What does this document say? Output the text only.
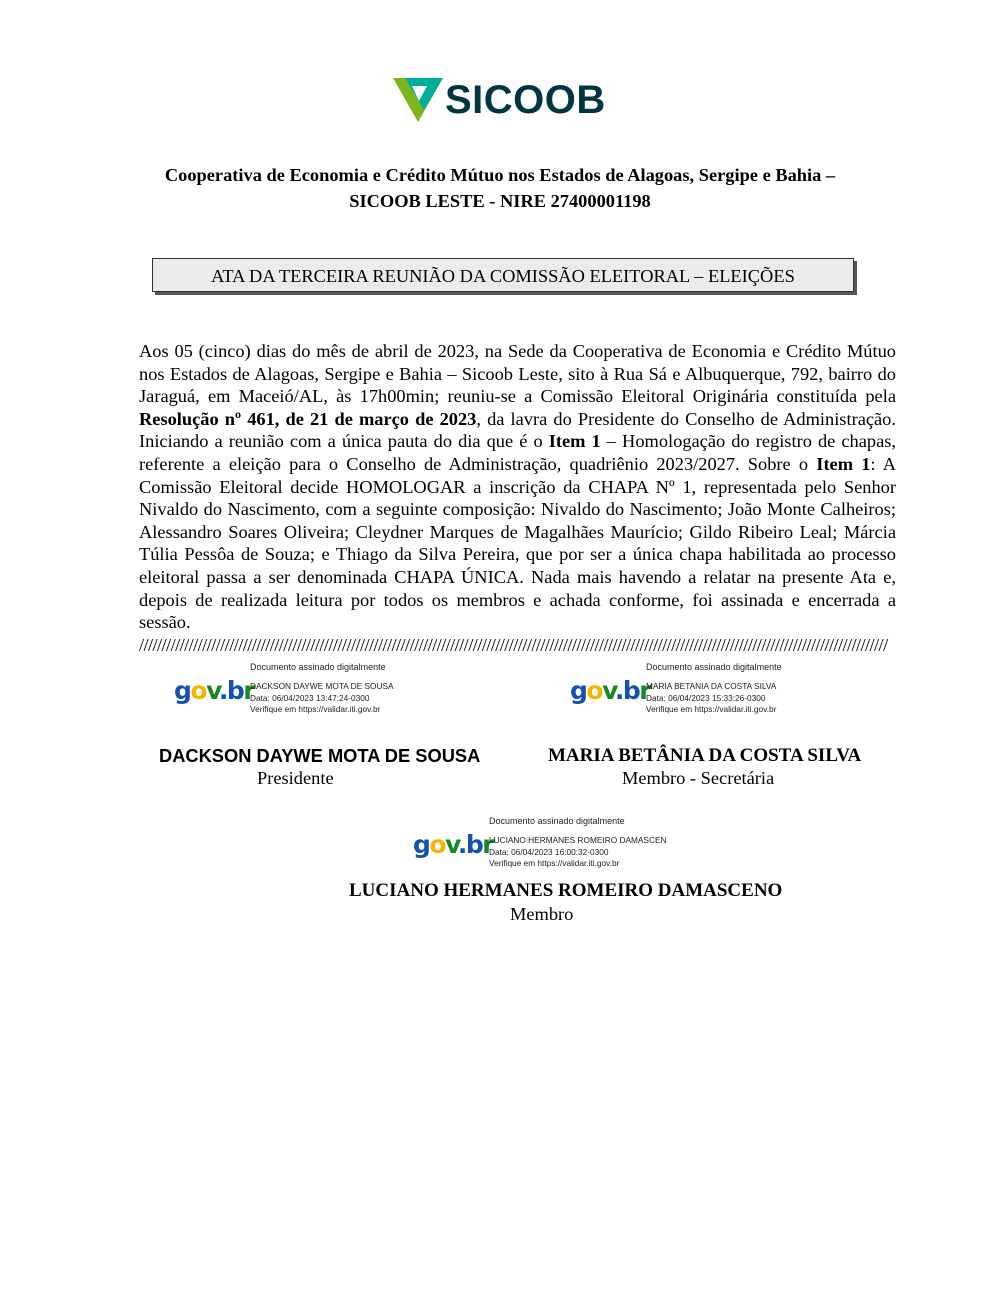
SICOOB
Cooperativa de Economia e Crédito Mútuo nos Estados de Alagoas, Sergipe e Bahia –
SICOOB LESTE - NIRE 27400001198
ATA DA TERCEIRA REUNIÃO DA COMISSÃO ELEITORAL – ELEIÇÕES

Aos 05 (cinco) dias do mês de abril de 2023, na Sede da Cooperativa de Economia e Crédito Mútuo nos Estados de Alagoas, Sergipe e Bahia – Sicoob Leste, sito à Rua Sá e Albuquerque, 792, bairro do Jaraguá, em Maceió/AL, às 17h00min; reuniu-se a Comissão Eleitoral Originária constituída pela Resolução nº 461, de 21 de março de 2023, da lavra do Presidente do Conselho de Administração. Iniciando a reunião com a única pauta do dia que é o Item 1 – Homologação do registro de chapas, referente a eleição para o Conselho de Administração, quadriênio 2023/2027. Sobre o Item 1: A Comissão Eleitoral decide HOMOLOGAR a inscrição da CHAPA Nº 1, representada pelo Senhor Nivaldo do Nascimento, com a seguinte composição: Nivaldo do Nascimento; João Monte Calheiros; Alessandro Soares Oliveira; Cleydner Marques de Magalhães Maurício; Gildo Ribeiro Leal; Márcia Túlia Pessôa de Souza; e Thiago da Silva Pereira, que por ser a única chapa habilitada ao processo eleitoral passa a ser denominada CHAPA ÚNICA. Nada mais havendo a relatar na presente Ata e, depois de realizada leitura por todos os membros e achada conforme, foi assinada e encerrada a sessão.

//////////////////////////////////////////////////////////////////////////////////////////////////////////////////////////////////////////////////////////////////////
gov.br
Documento assinado digitalmente
DACKSON DAYWE MOTA DE SOUSA
Data: 06/04/2023 13:47:24-0300
Verifique em https://validar.iti.gov.br
gov.br
Documento assinado digitalmente
MARIA BETANIA DA COSTA SILVA
Data: 06/04/2023 15:33:26-0300
Verifique em https://validar.iti.gov.br
DACKSON DAYWE MOTA DE SOUSA
Presidente
MARIA BETÂNIA DA COSTA SILVA
Membro - Secretária
gov.br
Documento assinado digitalmente
LUCIANO HERMANES ROMEIRO DAMASCEN
Data: 06/04/2023 16:00:32-0300
Verifique em https://validar.iti.gov.br
LUCIANO HERMANES ROMEIRO DAMASCENO
Membro
